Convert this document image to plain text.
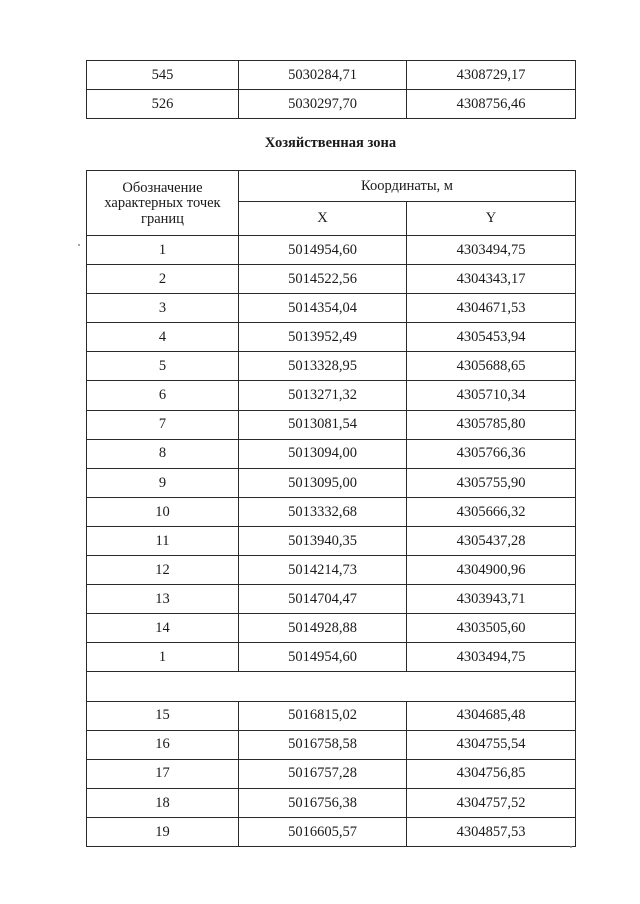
545	5030284,71	4308729,17
526	5030297,70	4308756,46
Хозяйственная зона
Обозначение характерных точек границ	Координаты, м	
	X	Y
1	5014954,60	4303494,75
2	5014522,56	4304343,17
3	5014354,04	4304671,53
4	5013952,49	4305453,94
5	5013328,95	4305688,65
6	5013271,32	4305710,34
7	5013081,54	4305785,80
8	5013094,00	4305766,36
9	5013095,00	4305755,90
10	5013332,68	4305666,32
11	5013940,35	4305437,28
12	5014214,73	4304900,96
13	5014704,47	4303943,71
14	5014928,88	4303505,60
1	5014954,60	4303494,75

15	5016815,02	4304685,48
16	5016758,58	4304755,54
17	5016757,28	4304756,85
18	5016756,38	4304757,52
19	5016605,57	4304857,53
